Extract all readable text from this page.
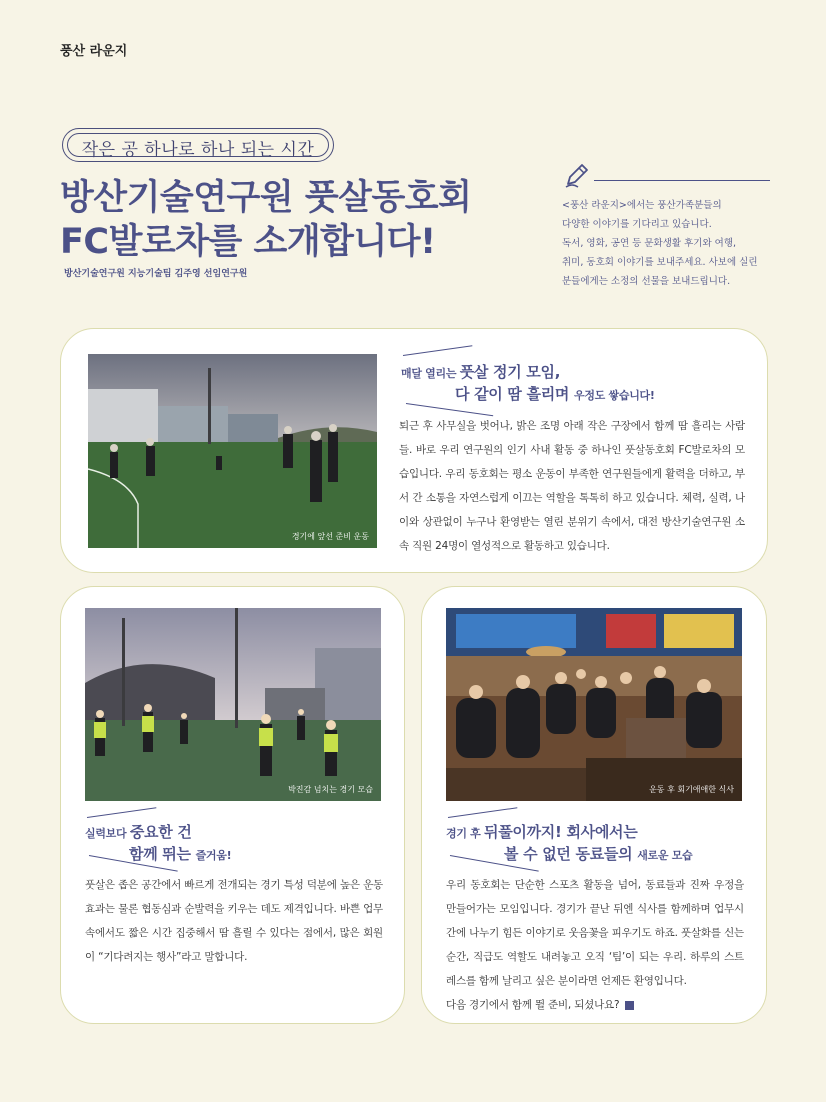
풍산 라운지
작은 공 하나로 하나 되는 시간
방산기술연구원 풋살동호회
FC발로차를 소개합니다!
방산기술연구원 지능기술팀 김주영 선임연구원
<풍산 라운지>에서는 풍산가족분들의
다양한 이야기를 기다리고 있습니다.
독서, 영화, 공연 등 문화생활 후기와 여행,
취미, 동호회 이야기를 보내주세요. 사보에 실린
분들에게는 소정의 선물을 보내드립니다.
경기에 앞선 준비 운동
매달 열리는 풋살 정기 모임,
다 같이 땀 흘리며 우정도 쌓습니다!
퇴근 후 사무실을 벗어나, 밝은 조명 아래 작은 구장에서 함께 땀 흘리는 사람들. 바로 우리 연구원의 인기 사내 활동 중 하나인 풋살동호회 FC발로차의 모습입니다. 우리 동호회는 평소 운동이 부족한 연구원들에게 활력을 더하고, 부서 간 소통을 자연스럽게 이끄는 역할을 톡톡히 하고 있습니다. 체력, 실력, 나이와 상관없이 누구나 환영받는 열린 분위기 속에서, 대전 방산기술연구원 소속 직원 24명이 열성적으로 활동하고 있습니다.
박진감 넘치는 경기 모습
실력보다 중요한 건
함께 뛰는 즐거움!
풋살은 좁은 공간에서 빠르게 전개되는 경기 특성 덕분에 높은 운동 효과는 물론 협동심과 순발력을 키우는 데도 제격입니다. 바쁜 업무 속에서도 짧은 시간 집중해서 땀 흘릴 수 있다는 점에서, 많은 회원이 “기다려지는 행사”라고 말합니다.
운동 후 회기애애한 식사
경기 후 뒤풀이까지! 회사에서는
볼 수 없던 동료들의 새로운 모습
우리 동호회는 단순한 스포츠 활동을 넘어, 동료들과 진짜 우정을 만들어가는 모임입니다. 경기가 끝난 뒤엔 식사를 함께하며 업무시간에 나누기 힘든 이야기로 웃음꽃을 피우기도 하죠. 풋살화를 신는 순간, 직급도 역할도 내려놓고 오직 ‘팀’이 되는 우리. 하루의 스트레스를 함께 날리고 싶은 분이라면 언제든 환영입니다.
다음 경기에서 함께 뛸 준비, 되셨나요?
